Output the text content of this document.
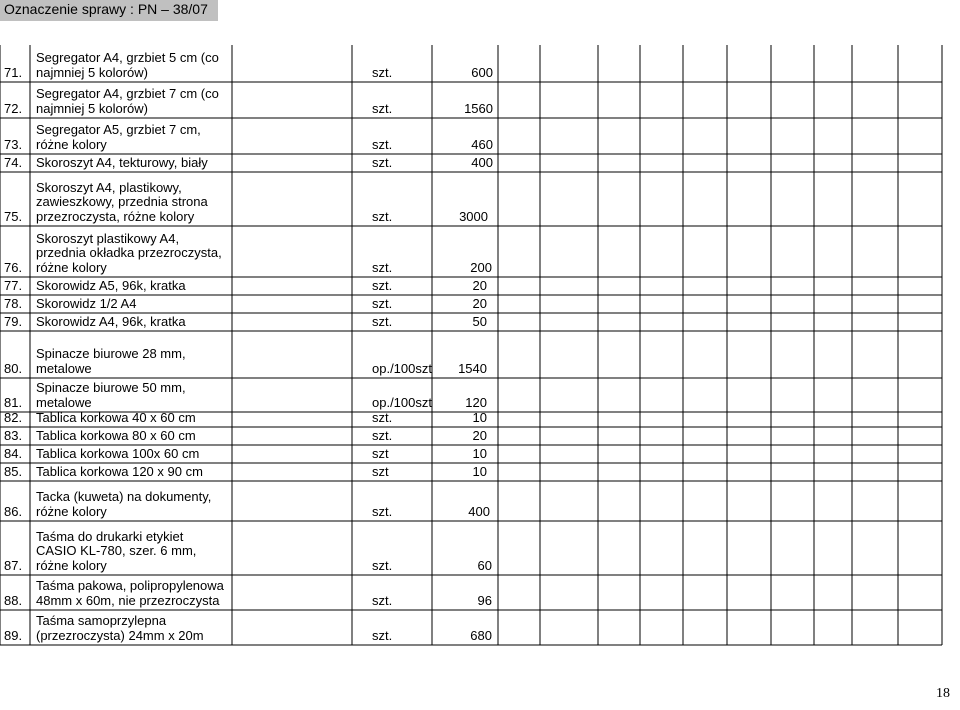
Oznaczenie sprawy : PN – 38/07
71.
Segregator A4, grzbiet 5 cm (co
najmniej 5 kolorów)	szt.	600
72.
Segregator A4, grzbiet 7 cm (co
najmniej 5 kolorów)	szt.	1560
73.
Segregator A5, grzbiet 7 cm,
różne kolory	szt.	460
74. Skoroszyt A4, tekturowy, biały	szt.	400
75.
Skoroszyt A4, plastikowy,
zawieszkowy, przednia strona
przezroczysta, różne kolory	szt.	3000
76.
Skoroszyt plastikowy A4,
przednia okładka przezroczysta,
różne kolory	szt.	200
77. Skorowidz A5, 96k, kratka	szt.	20
78. Skorowidz 1/2 A4	szt.	20
79. Skorowidz A4, 96k, kratka	szt.	50
80.
Spinacze biurowe 28 mm,
metalowe	op./100szt	1540
81.
Spinacze biurowe 50 mm,
metalowe	op./100szt	120
82. Tablica korkowa 40 x 60 cm	szt.	10
83. Tablica korkowa 80 x 60 cm	szt.	20
84. Tablica korkowa 100x 60 cm	szt	10
85. Tablica korkowa 120 x 90 cm	szt	10
86.
Tacka (kuweta) na dokumenty,
różne kolory	szt.	400
87.
Taśma do drukarki etykiet
CASIO KL-780, szer. 6 mm,
różne kolory	szt.	60
88.
Taśma pakowa, polipropylenowa
48mm x 60m, nie przezroczysta	szt.	96
89.
Taśma samoprzylepna
(przezroczysta) 24mm x 20m	szt.	680
18
